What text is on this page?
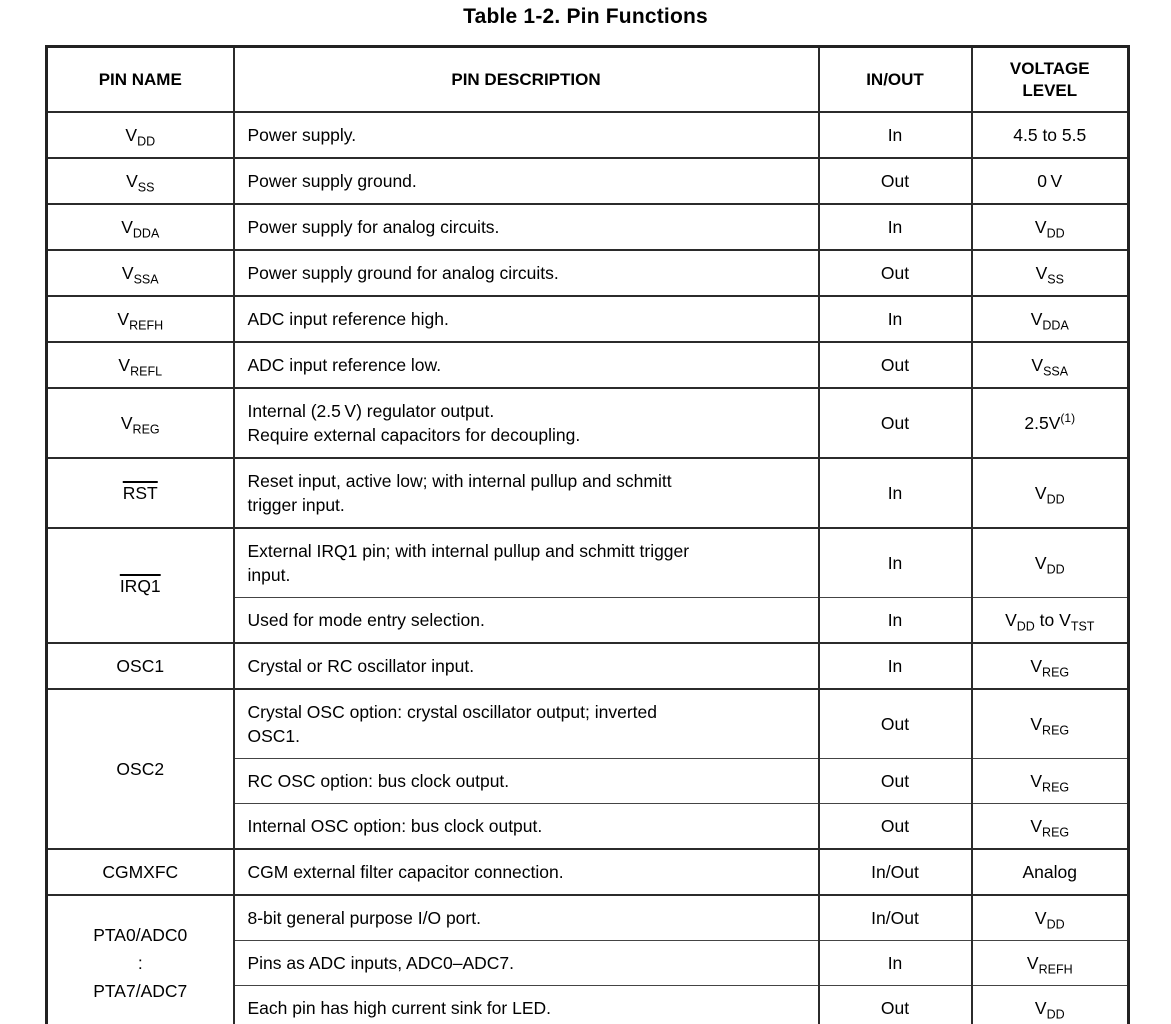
Table 1-2. Pin Functions
PIN NAME	PIN DESCRIPTION	IN/OUT	VOLTAGE LEVEL
$V_{DD}$	Power supply.	In	4.5 to 5.5
$V_{SS}$	Power supply ground.	Out	0 V
$V_{DDA}$	Power supply for analog circuits.	In	$V_{DD}$
$V_{SSA}$	Power supply ground for analog circuits.	Out	$V_{SS}$
$V_{REFH}$	ADC input reference high.	In	$V_{DDA}$
$V_{REFL}$	ADC input reference low.	Out	$V_{SSA}$
$V_{REG}$	Internal (2.5 V) regulator output.
Require external capacitors for decoupling.	Out	$2.5V^{(1)}$
$\overline{RST}$	Reset input, active low; with internal pullup and schmitt
trigger input.	In	$V_{DD}$
IRQ1	External IRQ1 pin; with internal pullup and schmitt trigger
input.	In	$V_{DD}$

	Used for mode entry selection.	In	$V_{DD}$ to $V_{TST}$
OSC1	Crystal or RC oscillator input.	In	$V_{REG}$
OSC2	Crystal OSC option: crystal oscillator output; inverted
OSC1.	Out	$V_{REG}$

	RC OSC option: bus clock output.	Out	$V_{REG}$

	Internal OSC option: bus clock output.	Out	$V_{REG}$
CGMXFC	CGM external filter capacitor connection.	In/Out	Analog
PTA0/ADC0
:
PTA7/ADC7	8-bit general purpose I/O port.	In/Out	$V_{DD}$

	Pins as ADC inputs, ADC0–ADC7.	In	$V_{REFH}$

	Each pin has high current sink for LED.	Out	$V_{DD}$
